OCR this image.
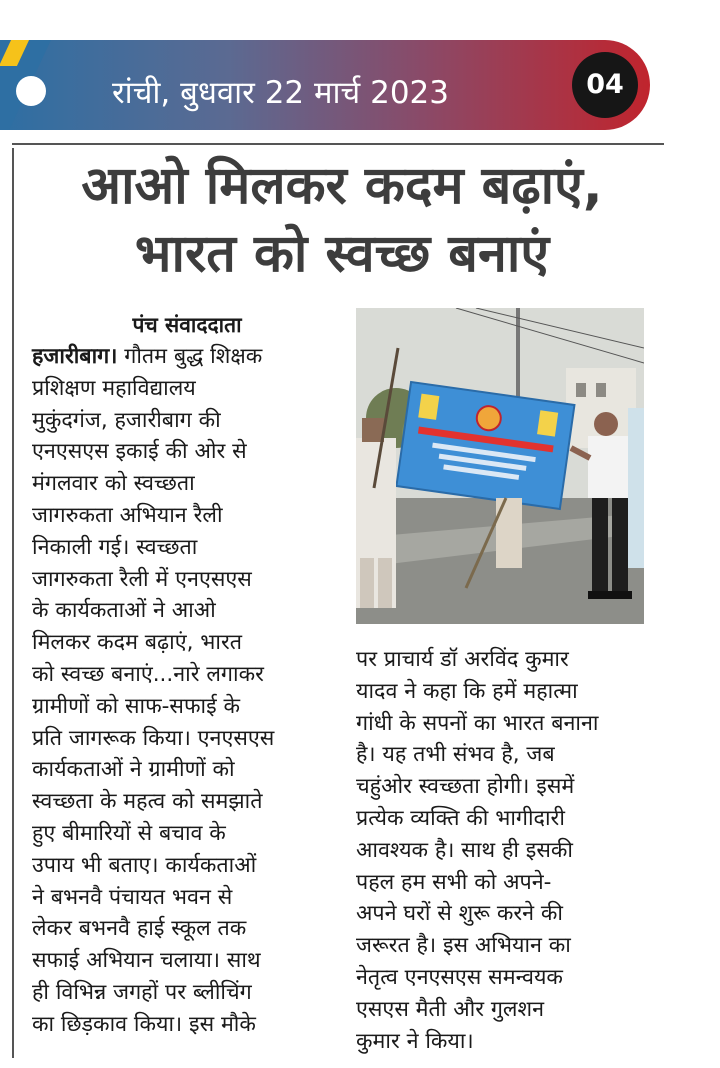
रांची, बुधवार 22 मार्च 2023	04
आओ मिलकर कदम बढ़ाएं,
भारत को स्वच्छ बनाएं
पंच संवाददाता
हजारीबाग। गौतम बुद्ध शिक्षक
प्रशिक्षण महाविद्यालय
मुकुंदगंज, हजारीबाग की
एनएसएस इकाई की ओर से
मंगलवार को स्वच्छता
जागरुकता अभियान रैली
निकाली गई। स्वच्छता
जागरुकता रैली में एनएसएस
के कार्यकताओं ने आओ
मिलकर कदम बढ़ाएं, भारत
को स्वच्छ बनाएं...नारे लगाकर
ग्रामीणों को साफ-सफाई के
प्रति जागरूक किया। एनएसएस
कार्यकताओं ने ग्रामीणों को
स्वच्छता के महत्व को समझाते
हुए बीमारियों से बचाव के
उपाय भी बताए। कार्यकताओं
ने बभनवै पंचायत भवन से
लेकर बभनवै हाई स्कूल तक
सफाई अभियान चलाया। साथ
ही विभिन्न जगहों पर ब्लीचिंग
का छिड़काव किया। इस मौके
पर प्राचार्य डॉ अरविंद कुमार
यादव ने कहा कि हमें महात्मा
गांधी के सपनों का भारत बनाना
है। यह तभी संभव है, जब
चहुंओर स्वच्छता होगी। इसमें
प्रत्येक व्यक्ति की भागीदारी
आवश्यक है। साथ ही इसकी
पहल हम सभी को अपने-
अपने घरों से शुरू करने की
जरूरत है। इस अभियान का
नेतृत्व एनएसएस समन्वयक
एसएस मैती और गुलशन
कुमार ने किया।
